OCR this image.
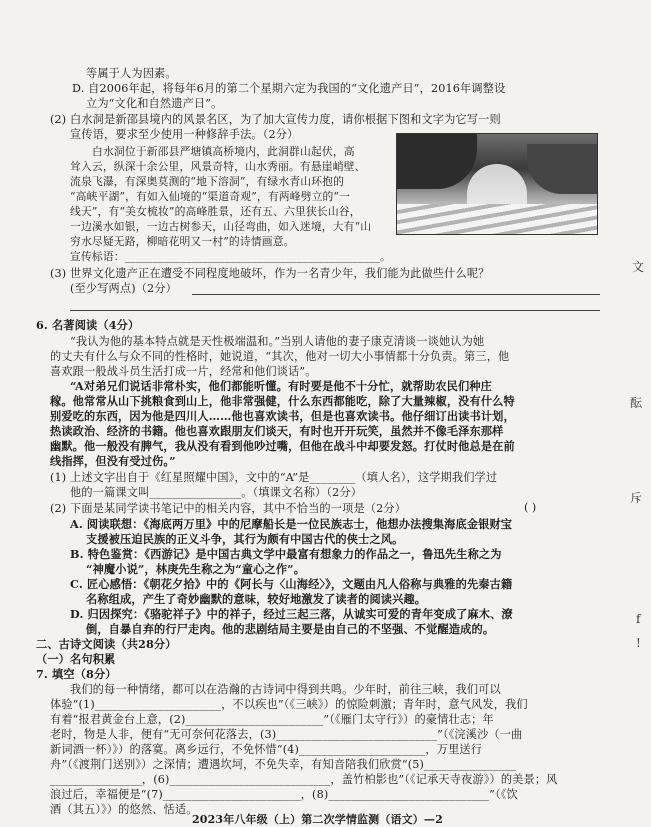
等属于人为因素。
D. 自2006年起，将每年6月的第二个星期六定为我国的“文化遗产日”，2016年调整设
立为“文化和自然遗产日”。
(2) 白水洞是新邵县境内的风景名区，为了加大宣传力度，请你根据下图和文字为它写一则
宣传语，要求至少使用一种修辞手法。（2分）
白水洞位于新邵县严塘镇高桥境内，此洞群山起伏，高
耸入云，纵深十余公里，风景奇特，山水秀丽。有悬崖峭壁、
流泉飞瀑，有深奥莫测的“地下溶洞”，有绿水青山环抱的
“高峡平湖”，有如入仙境的“渠道奇观”，有两峰劈立的“一
线天”，有“美女梳妆”的高峰胜景，还有五、六里狭长山谷，
一边溪水如银，一边古树参天，山径弯曲，如入迷境，大有“山
穷水尽疑无路，柳暗花明又一村”的诗情画意。
宣传标语：______________________________________________。
(3) 世界文化遗产正在遭受不同程度地破坏，作为一名青少年，我们能为此做些什么呢？
(至少写两点)（2分）
6. 名著阅读（4分）
“我认为他的基本特点就是天性极端温和。”当别人请他的妻子康克清谈一谈她认为她
的丈夫有什么与众不同的性格时，她说道，“其次，他对一切大小事情都十分负责。第三，他
喜欢跟一般战斗员生活打成一片，经常和他们谈话”。
“A对弟兄们说话非常朴实，他们都能听懂。有时要是他不十分忙，就帮助农民们种庄
稼。他常常从山下挑粮食到山上，他非常强健，什么东西都能吃，除了大量辣椒，没有什么特
别爱吃的东西，因为他是四川人……他也喜欢读书，但是也喜欢读书。他仔细订出读书计划，
热读政治、经济的书籍。他也喜欢跟朋友们谈天，有时也开开玩笑，虽然并不像毛泽东那样
幽默。他一般没有脾气，我从没有看到他吵过嘴，但他在战斗中却要发怒。打仗时他总是在前
线指挥，但没有受过伤。”
(1) 上述文字出自于《红星照耀中国》，文中的“A”是________（填人名），这学期我们学过
他的一篇课文叫________________。（填课文名称）（2分）
(2) 下面是某同学读书笔记中的相关内容，其中不恰当的一项是（2分）	( )
A. 阅读联想：《海底两万里》中的尼摩船长是一位民族志士，他想办法搜集海底金银财宝
支援被压迫民族的正义斗争，其行为颇有中国古代的侠士之风。
B. 特色鉴赏：《西游记》是中国古典文学中最富有想象力的作品之一，鲁迅先生称之为
“神魔小说”，林庚先生称之为“童心之作”。
C. 匠心感悟：《朝花夕拾》中的《阿长与〈山海经〉》，文题由凡人俗称与典雅的先秦古籍
名称组成，产生了奇妙幽默的意味，较好地激发了读者的阅读兴趣。
D. 归因探究：《骆驼祥子》中的祥子，经过三起三落，从诚实可爱的青年变成了麻木、潦
倒，自暴自弃的行尸走肉。他的悲剧结局主要是由自己的不坚强、不觉醒造成的。
二、古诗文阅读（共28分）
（一）名句积累
7. 填空（8分）
我们的每一种情绪，都可以在浩瀚的古诗词中得到共鸣。少年时，前往三峡，我们可以
体验“(1)______________________，不以疾也”（《三峡》）的惊险刺激；青年时，意气风发，我们
有着“报君黄金台上意，(2)________________________”（《雁门太守行》）的豪情壮志；年
老时，物是人非，便有“无可奈何花落去，(3)____________________________”（《浣溪沙（一曲
新词酒一杯）》）的落寞。离乡远行，不免怀惜“(4)______________________，万里送行
舟”（《渡荆门送别》）之深情；遭遇坎坷，不免失幸，有知音陪我们欣赏“(5)________________
________________，(6)____________________________，盖竹柏影也”（《记承天寺夜游》）的美景；风
浪过后，幸福便是“(7)________________________，(8)____________________________”（《饮
酒（其五）》）的悠然、恬适。
2023年八年级（上）第二次学情监测（语文）—2
文
酝
斥
f
!
